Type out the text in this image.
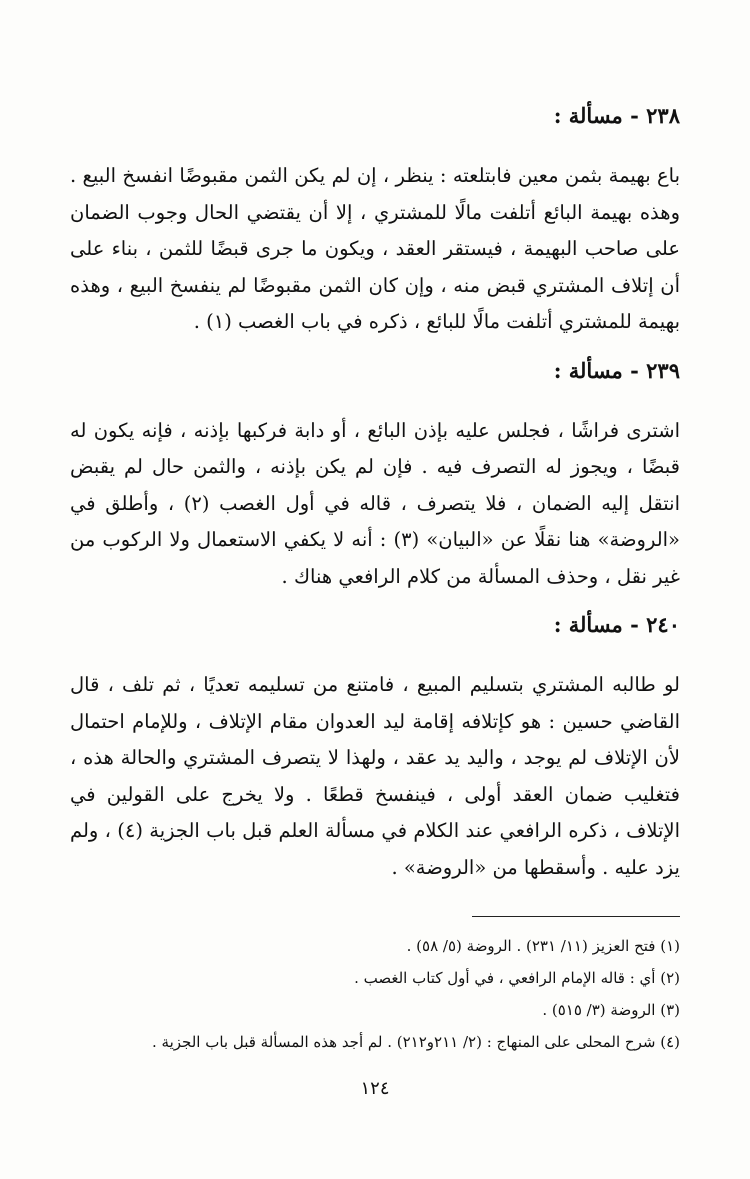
٢٣٨ - مسألة :

باع بهيمة بثمن معين فابتلعته : ينظر ، إن لم يكن الثمن مقبوضًا انفسخ البيع . وهذه بهيمة البائع أتلفت مالًا للمشتري ، إلا أن يقتضي الحال وجوب الضمان على صاحب البهيمة ، فيستقر العقد ، ويكون ما جرى قبضًا للثمن ، بناء على أن إتلاف المشتري قبض منه ، وإن كان الثمن مقبوضًا لم ينفسخ البيع ، وهذه بهيمة للمشتري أتلفت مالًا للبائع ، ذكره في باب الغصب (١) .

٢٣٩ - مسألة :

اشترى فراشًا ، فجلس عليه بإذن البائع ، أو دابة فركبها بإذنه ، فإنه يكون له قبضًا ، ويجوز له التصرف فيه . فإن لم يكن بإذنه ، والثمن حال لم يقبض انتقل إليه الضمان ، فلا يتصرف ، قاله في أول الغصب (٢) ، وأطلق في «الروضة» هنا نقلًا عن «البيان» (٣) : أنه لا يكفي الاستعمال ولا الركوب من غير نقل ، وحذف المسألة من كلام الرافعي هناك .

٢٤٠ - مسألة :

لو طالبه المشتري بتسليم المبيع ، فامتنع من تسليمه تعديًا ، ثم تلف ، قال القاضي حسين : هو كإتلافه إقامة ليد العدوان مقام الإتلاف ، وللإمام احتمال لأن الإتلاف لم يوجد ، واليد يد عقد ، ولهذا لا يتصرف المشتري والحالة هذه ، فتغليب ضمان العقد أولى ، فينفسخ قطعًا . ولا يخرج على القولين في الإتلاف ، ذكره الرافعي عند الكلام في مسألة العلم قبل باب الجزية (٤) ، ولم يزد عليه . وأسقطها من «الروضة» .

(١) فتح العزيز (١١/ ٢٣١) . الروضة (٥/ ٥٨) .
(٢) أي : قاله الإمام الرافعي ، في أول كتاب الغصب .
(٣) الروضة (٣/ ٥١٥) .
(٤) شرح المحلى على المنهاج : (٢/ ٢١١و٢١٢) . لم أجد هذه المسألة قبل باب الجزية .
١٢٤
